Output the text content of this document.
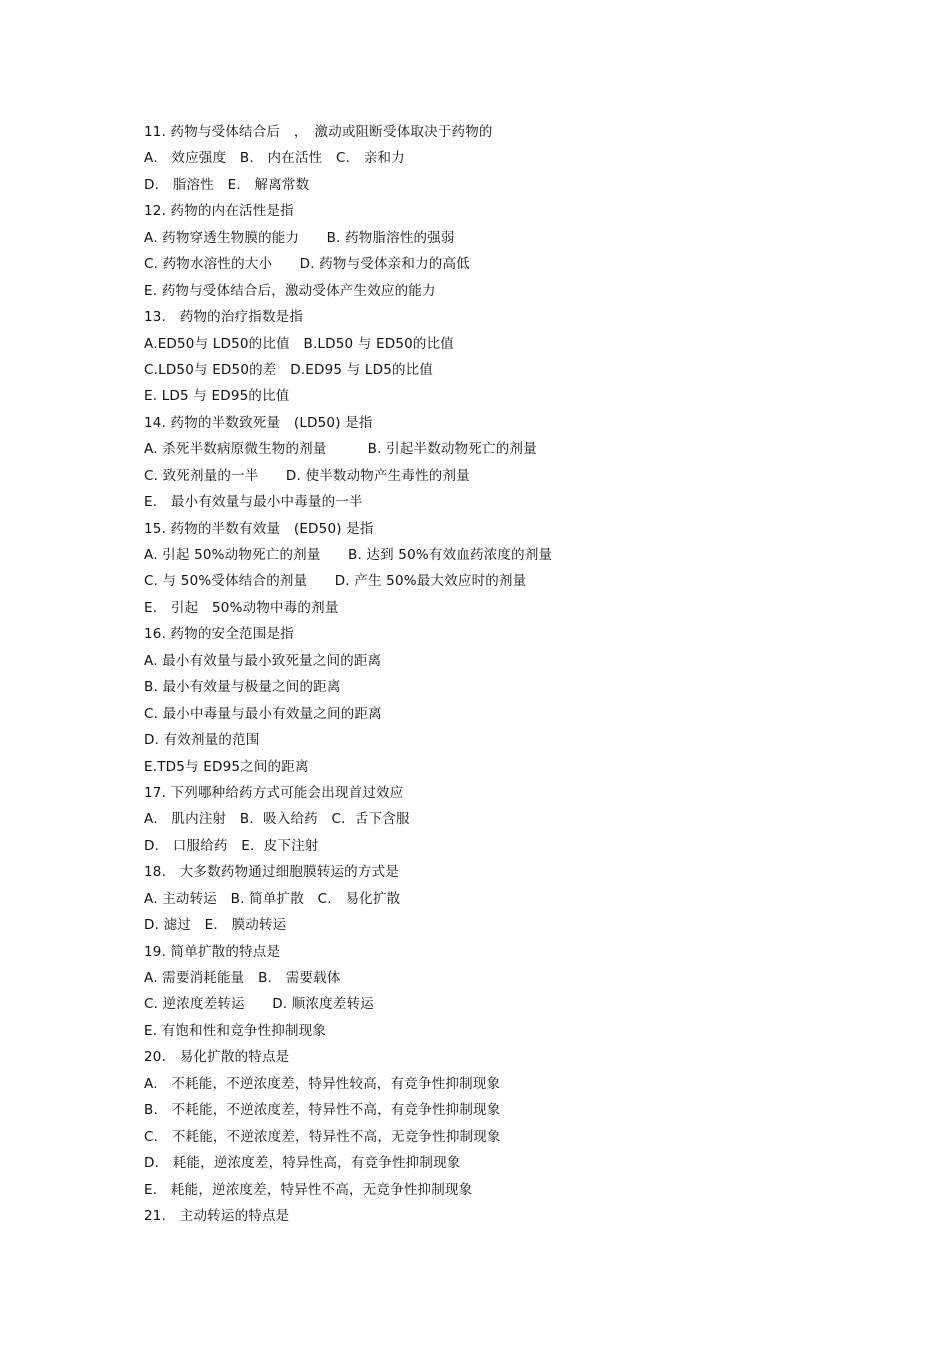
11. 药物与受体结合后　，　激动或阻断受体取决于药物的
A.　效应强度　B.　内在活性　C.　亲和力
D.　脂溶性　E.　解离常数
12. 药物的内在活性是指
A. 药物穿透生物膜的能力　　B. 药物脂溶性的强弱
C. 药物水溶性的大小　　D. 药物与受体亲和力的高低
E. 药物与受体结合后，激动受体产生效应的能力
13.　药物的治疗指数是指
A.ED50与 LD50的比值　B.LD50 与 ED50的比值
C.LD50与 ED50的差　D.ED95 与 LD5的比值
E. LD5 与 ED95的比值
14. 药物的半数致死量　(LD50) 是指
A. 杀死半数病原微生物的剂量　　　B. 引起半数动物死亡的剂量
C. 致死剂量的一半　　D. 使半数动物产生毒性的剂量
E.　最小有效量与最小中毒量的一半
15. 药物的半数有效量　(ED50) 是指
A. 引起 50%动物死亡的剂量　　B. 达到 50%有效血药浓度的剂量
C. 与 50%受体结合的剂量　　D. 产生 50%最大效应时的剂量
E.　引起　50%动物中毒的剂量
16. 药物的安全范围是指
A. 最小有效量与最小致死量之间的距离
B. 最小有效量与极量之间的距离
C. 最小中毒量与最小有效量之间的距离
D. 有效剂量的范围
E.TD5与 ED95之间的距离
17. 下列哪种给药方式可能会出现首过效应
A.　肌内注射　B．吸入给药　C．舌下含服
D.　口服给药　E．皮下注射
18.　大多数药物通过细胞膜转运的方式是
A. 主动转运　B. 简单扩散　C.　易化扩散
D. 滤过　E.　膜动转运
19. 简单扩散的特点是
A. 需要消耗能量　B.　需要载体
C. 逆浓度差转运　　D. 顺浓度差转运
E. 有饱和性和竞争性抑制现象
20.　易化扩散的特点是
A.　不耗能，不逆浓度差，特异性较高，有竞争性抑制现象
B.　不耗能，不逆浓度差，特异性不高，有竞争性抑制现象
C.　不耗能，不逆浓度差，特异性不高，无竞争性抑制现象
D.　耗能，逆浓度差，特异性高，有竞争性抑制现象
E.　耗能，逆浓度差，特异性不高，无竞争性抑制现象
21.　主动转运的特点是
